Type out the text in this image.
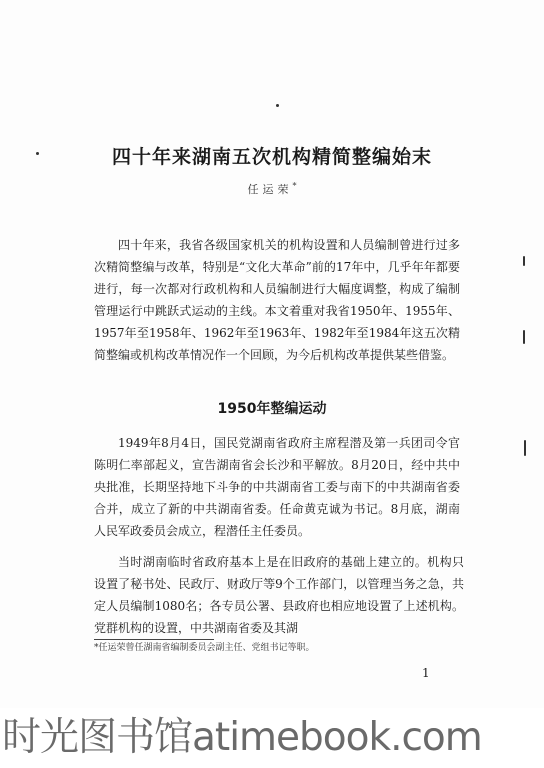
四十年来湖南五次机构精简整编始末
任运荣*

四十年来，我省各级国家机关的机构设置和人员编制曾进行过多次精简整编与改革，特别是“文化大革命”前的17年中，几乎年年都要进行，每一次都对行政机构和人员编制进行大幅度调整，构成了编制管理运行中跳跃式运动的主线。本文着重对我省1950年、1955年、1957年至1958年、1962年至1963年、1982年至1984年这五次精简整编或机构改革情况作一个回顾，为今后机构改革提供某些借鉴。

1950年整编运动

1949年8月4日，国民党湖南省政府主席程潜及第一兵团司令官陈明仁率部起义，宣告湖南省会长沙和平解放。8月20日，经中共中央批准，长期坚持地下斗争的中共湖南省工委与南下的中共湖南省委合并，成立了新的中共湖南省委。任命黄克诚为书记。8月底，湖南人民军政委员会成立，程潜任主任委员。

当时湖南临时省政府基本上是在旧政府的基础上建立的。机构只设置了秘书处、民政厅、财政厅等9个工作部门，以管理当务之急，共定人员编制1080名；各专员公署、县政府也相应地设置了上述机构。党群机构的设置，中共湖南省委及其湖

*任运荣曾任湖南省编制委员会副主任、党组书记等职。
1
时光图书馆atimebook.com
